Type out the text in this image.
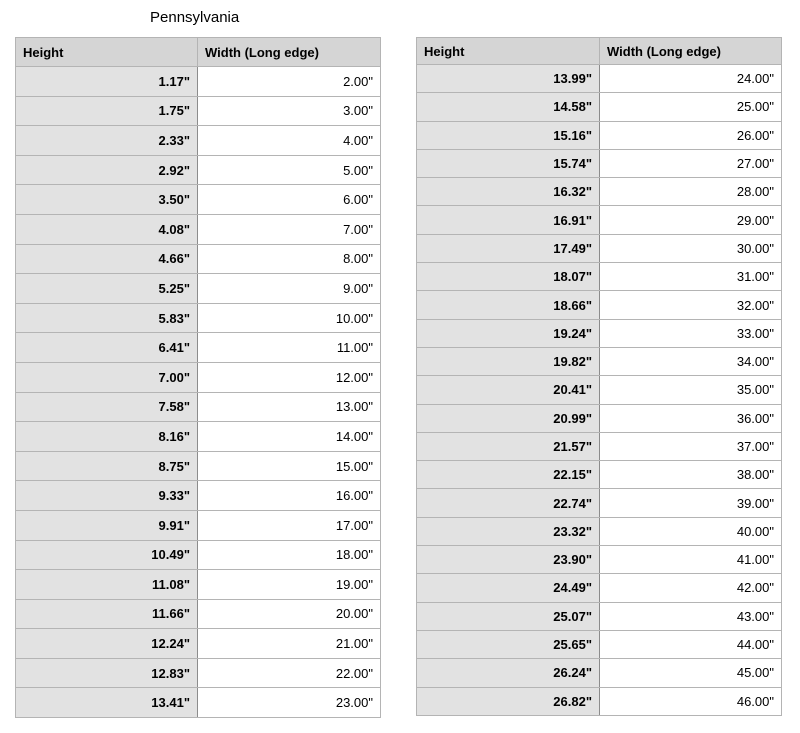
Pennsylvania
Height	Width (Long edge)
1.17"	2.00"
1.75"	3.00"
2.33"	4.00"
2.92"	5.00"
3.50"	6.00"
4.08"	7.00"
4.66"	8.00"
5.25"	9.00"
5.83"	10.00"
6.41"	11.00"
7.00"	12.00"
7.58"	13.00"
8.16"	14.00"
8.75"	15.00"
9.33"	16.00"
9.91"	17.00"
10.49"	18.00"
11.08"	19.00"
11.66"	20.00"
12.24"	21.00"
12.83"	22.00"
13.41"	23.00"
Height	Width (Long edge)
13.99"	24.00"
14.58"	25.00"
15.16"	26.00"
15.74"	27.00"
16.32"	28.00"
16.91"	29.00"
17.49"	30.00"
18.07"	31.00"
18.66"	32.00"
19.24"	33.00"
19.82"	34.00"
20.41"	35.00"
20.99"	36.00"
21.57"	37.00"
22.15"	38.00"
22.74"	39.00"
23.32"	40.00"
23.90"	41.00"
24.49"	42.00"
25.07"	43.00"
25.65"	44.00"
26.24"	45.00"
26.82"	46.00"
